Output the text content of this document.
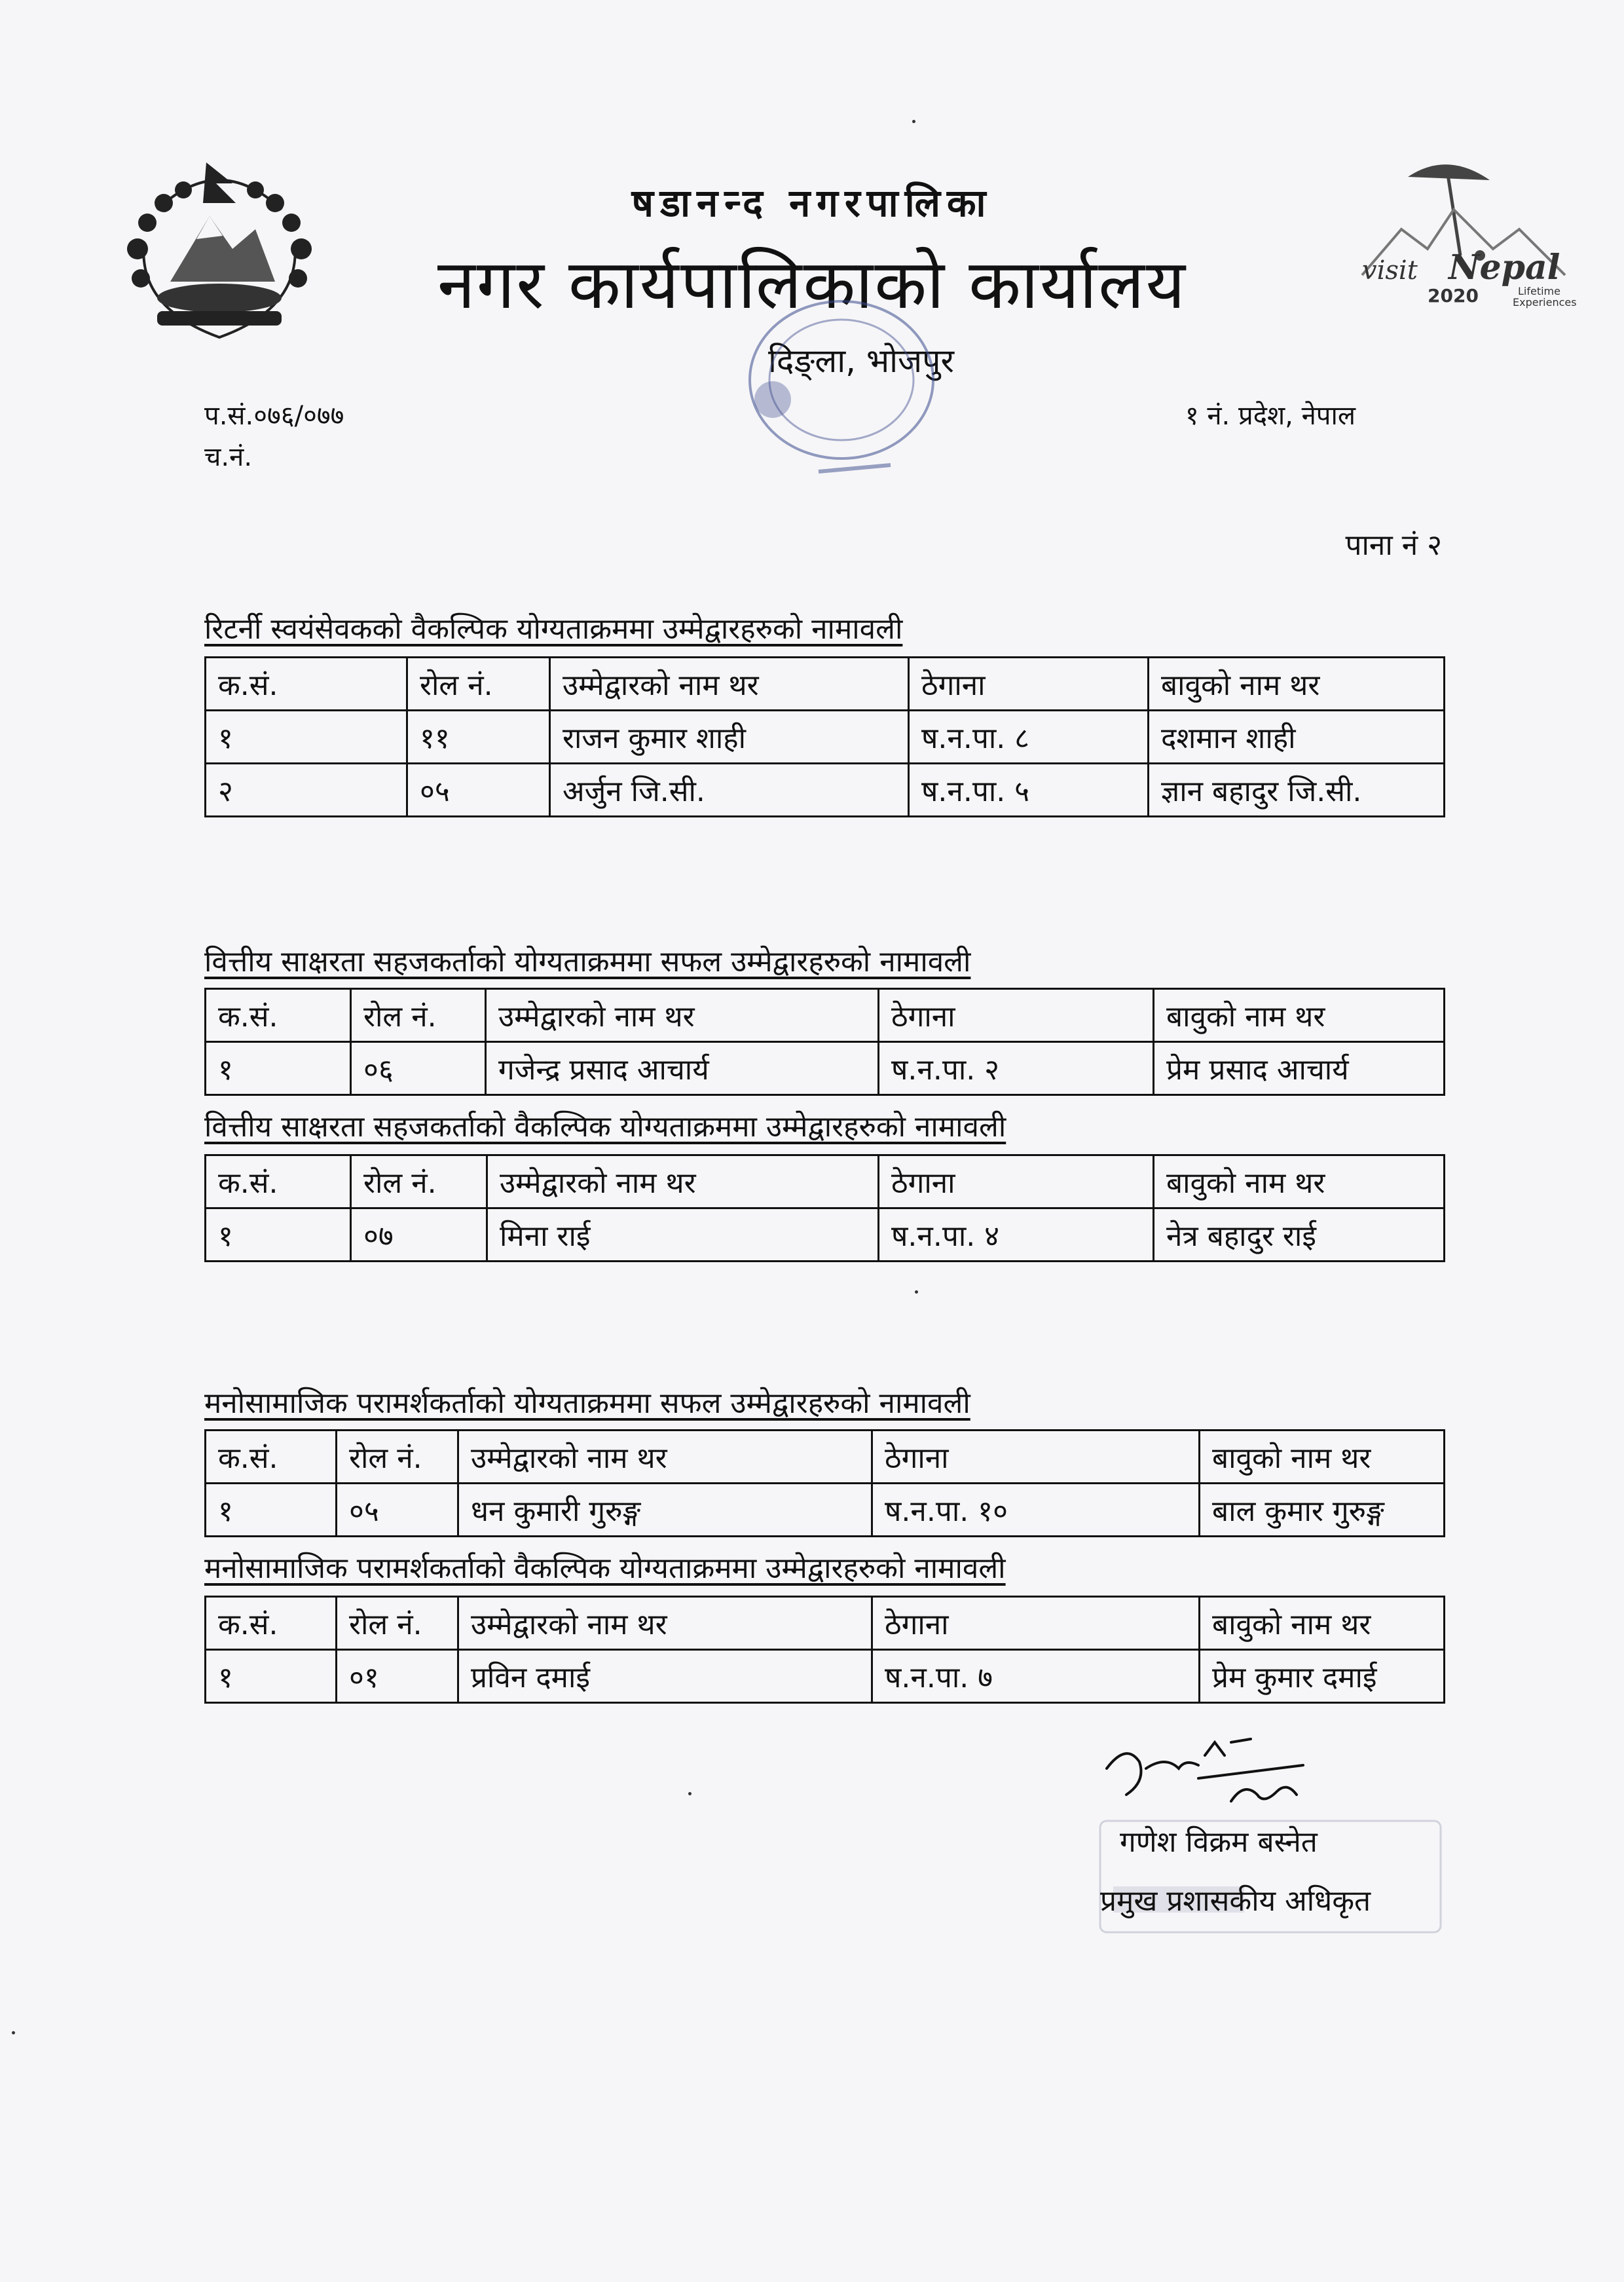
षडानन्द नगरपालिका
नगर कार्यपालिकाको कार्यालय
दिङ्ला, भोजपुर
visit Nepal
2020	Lifetime
Experiences
प.सं.०७६/०७७
च.नं.
१ नं. प्रदेश, नेपाल
पाना नं २
रिटर्नी स्वयंसेवकको वैकल्पिक योग्यताक्रममा उम्मेद्वारहरुको नामावली
क.सं.	रोल नं.	उम्मेद्वारको नाम थर	ठेगाना	बावुको नाम थर
१	११	राजन कुमार शाही	ष.न.पा. ८	दशमान शाही
२	०५	अर्जुन जि.सी.	ष.न.पा. ५	ज्ञान बहादुर जि.सी.
वित्तीय साक्षरता सहजकर्ताको योग्यताक्रममा सफल उम्मेद्वारहरुको नामावली
क.सं.	रोल नं.	उम्मेद्वारको नाम थर	ठेगाना	बावुको नाम थर
१	०६	गजेन्द्र प्रसाद आचार्य	ष.न.पा. २	प्रेम प्रसाद आचार्य
वित्तीय साक्षरता सहजकर्ताको वैकल्पिक योग्यताक्रममा उम्मेद्वारहरुको नामावली
क.सं.	रोल नं.	उम्मेद्वारको नाम थर	ठेगाना	बावुको नाम थर
१	०७	मिना राई	ष.न.पा. ४	नेत्र बहादुर राई
मनोसामाजिक परामर्शकर्ताको योग्यताक्रममा सफल उम्मेद्वारहरुको नामावली
क.सं.	रोल नं.	उम्मेद्वारको नाम थर	ठेगाना	बावुको नाम थर
१	०५	धन कुमारी गुरुङ्ग	ष.न.पा. १०	बाल कुमार गुरुङ्ग
मनोसामाजिक परामर्शकर्ताको वैकल्पिक योग्यताक्रममा उम्मेद्वारहरुको नामावली
क.सं.	रोल नं.	उम्मेद्वारको नाम थर	ठेगाना	बावुको नाम थर
१	०१	प्रविन दमाई	ष.न.पा. ७	प्रेम कुमार दमाई
गणेश विक्रम बस्नेत
प्रमुख प्रशासकीय अधिकृत
